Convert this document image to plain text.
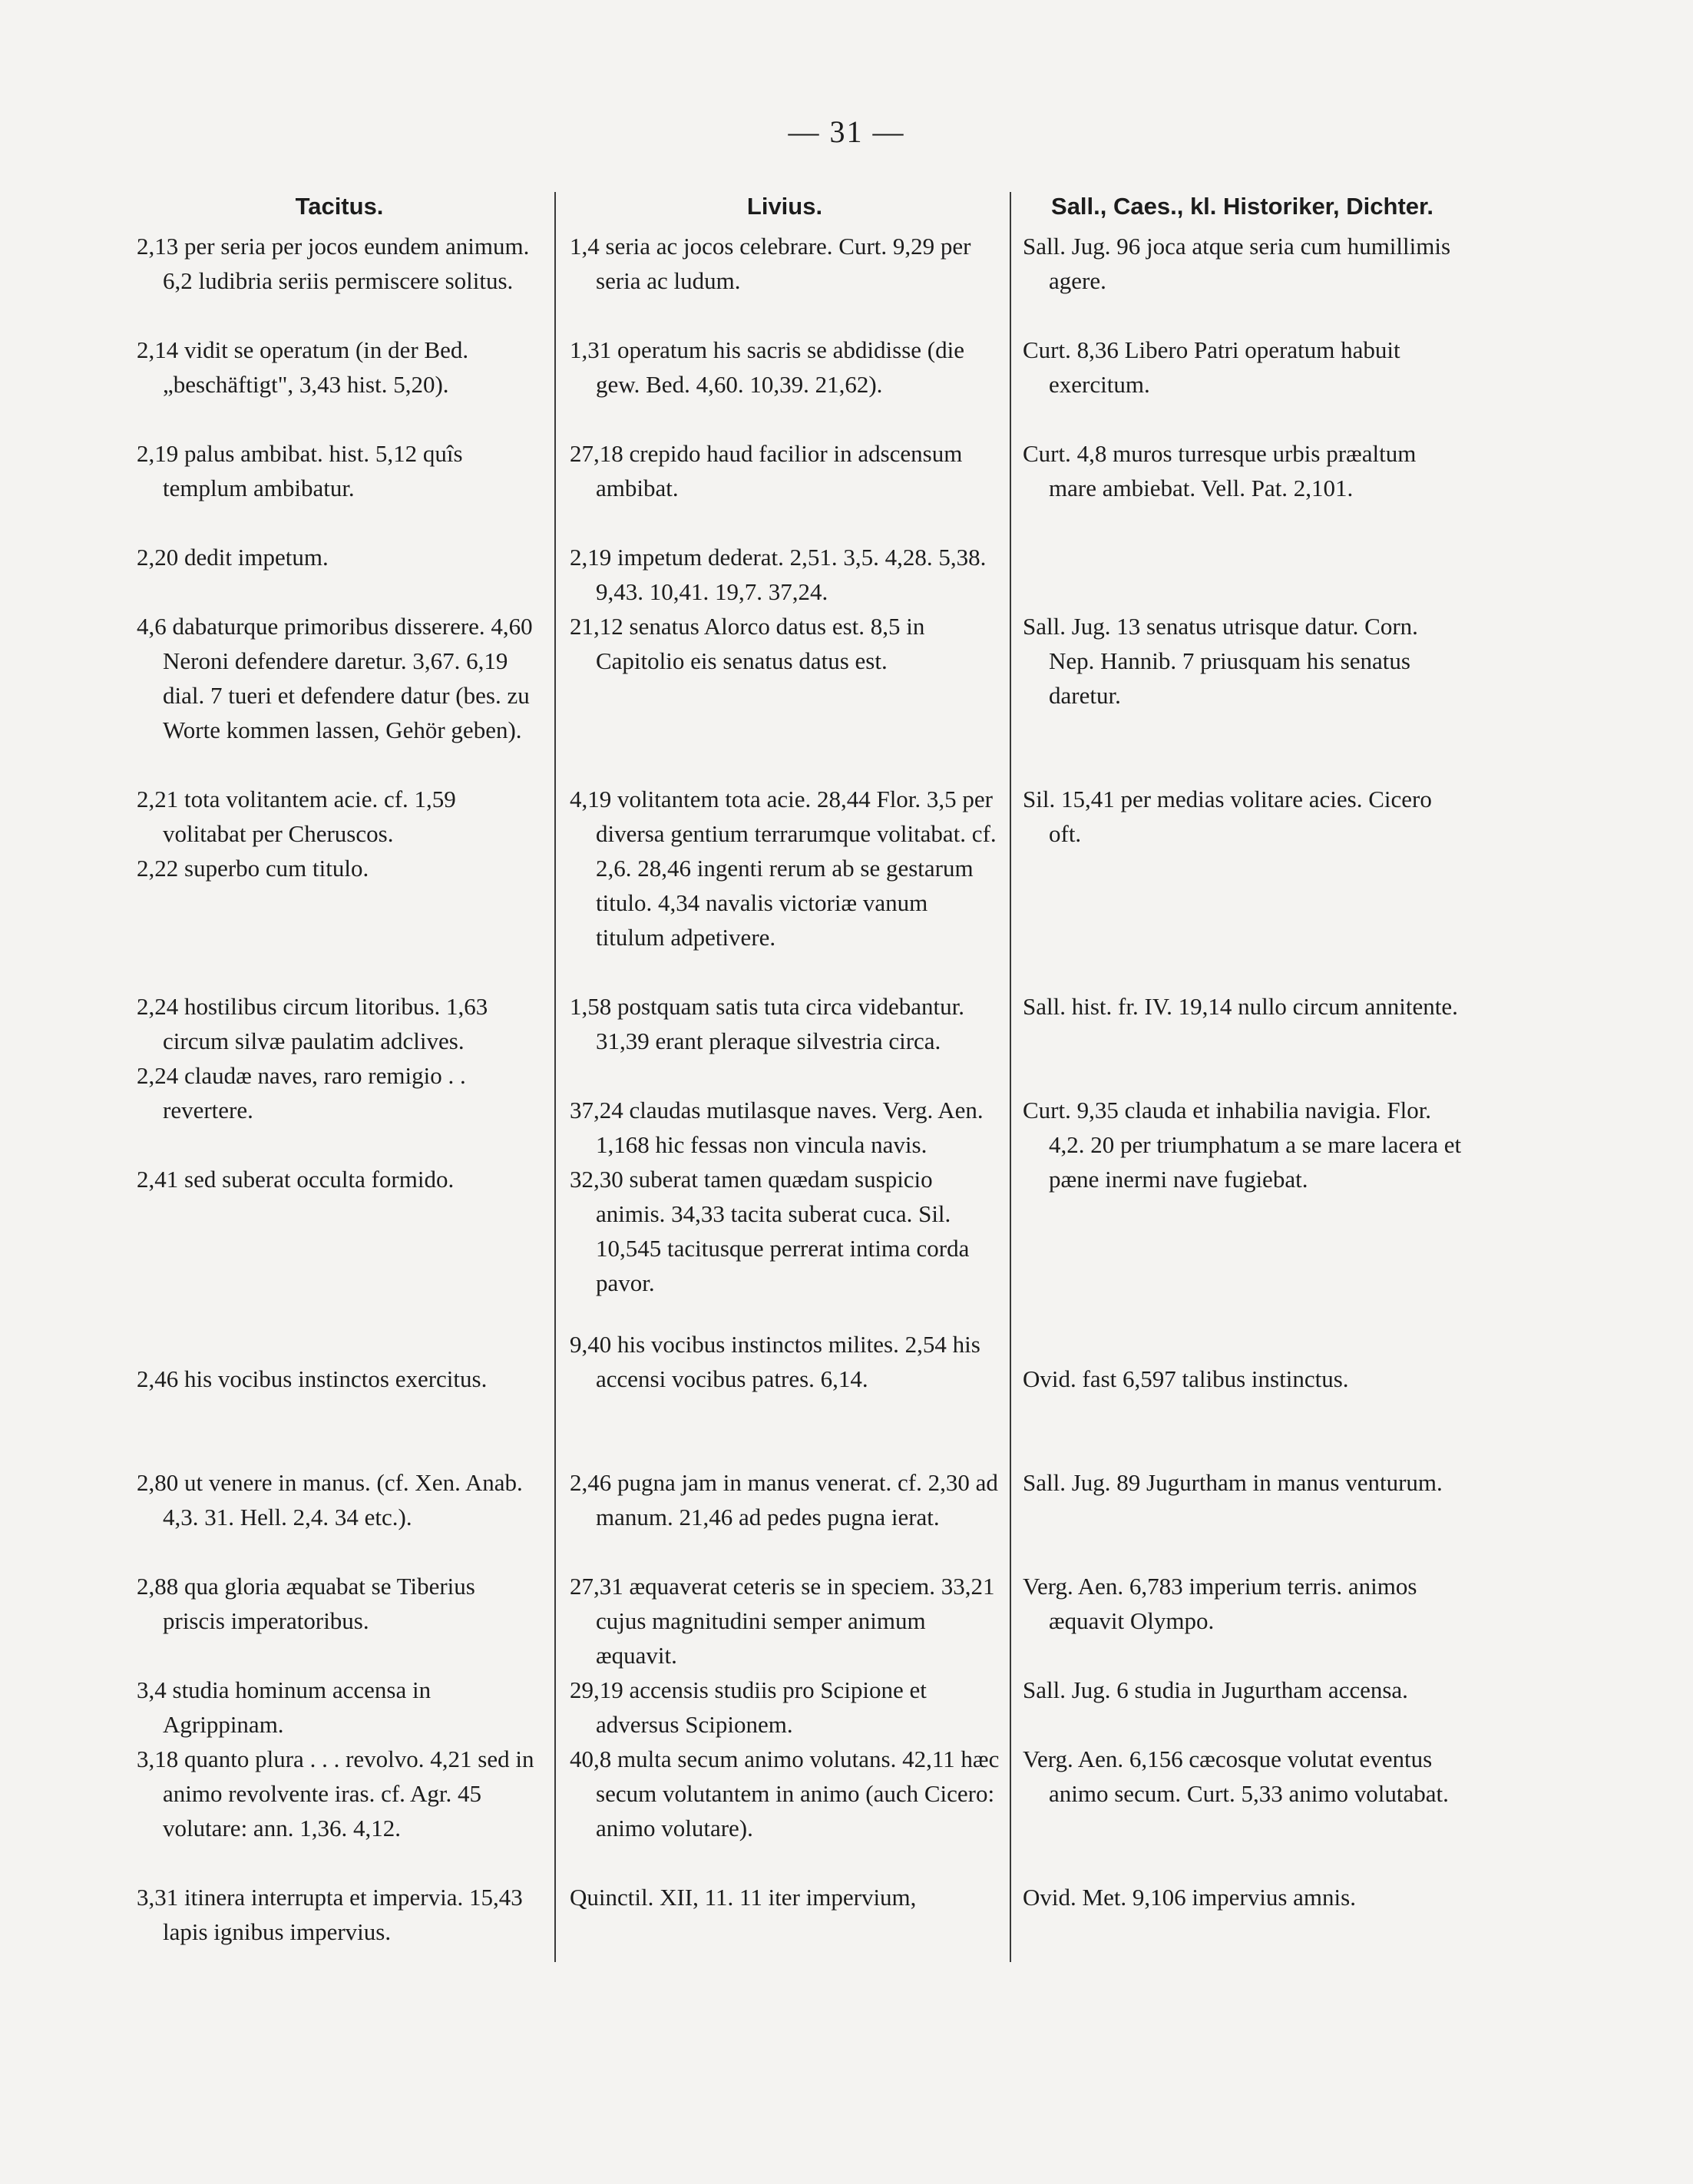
— 31 —
Tacitus.
2,13 per seria per jocos eundem animum. 6,2 ludibria seriis permiscere solitus.
2,14 vidit se operatum (in der Bed. „beschäftigt", 3,43 hist. 5,20).
2,19 palus ambibat. hist. 5,12 quîs templum ambibatur.
2,20 dedit impetum.
4,6 dabaturque primoribus disserere. 4,60 Neroni defendere daretur. 3,67. 6,19 dial. 7 tueri et defendere datur (bes. zu Worte kommen lassen, Gehör geben).
2,21 tota volitantem acie. cf. 1,59 volitabat per Cheruscos.
2,22 superbo cum titulo.
2,24 hostilibus circum litoribus. 1,63 circum silvæ paulatim adclives.
2,24 claudæ naves, raro remigio . . revertere.
2,41 sed suberat occulta formido.
2,46 his vocibus instinctos exercitus.
2,80 ut venere in manus. (cf. Xen. Anab. 4,3. 31. Hell. 2,4. 34 etc.).
2,88 qua gloria æquabat se Tiberius priscis imperatoribus.
3,4 studia hominum accensa in Agrippinam.
3,18 quanto plura . . . revolvo. 4,21 sed in animo revolvente iras. cf. Agr. 45 volutare: ann. 1,36. 4,12.
3,31 itinera interrupta et impervia. 15,43 lapis ignibus impervius.
Livius.
1,4 seria ac jocos celebrare. Curt. 9,29 per seria ac ludum.
1,31 operatum his sacris se abdidisse (die gew. Bed. 4,60. 10,39. 21,62).
27,18 crepido haud facilior in adscensum ambibat.
2,19 impetum dederat. 2,51. 3,5. 4,28. 5,38. 9,43. 10,41. 19,7. 37,24.
21,12 senatus Alorco datus est. 8,5 in Capitolio eis senatus datus est.
4,19 volitantem tota acie. 28,44 Flor. 3,5 per diversa gentium terrarumque volitabat. cf. 2,6. 28,46 ingenti rerum ab se gestarum titulo. 4,34 navalis victoriæ vanum titulum adpetivere.
1,58 postquam satis tuta circa videbantur. 31,39 erant pleraque silvestria circa.
37,24 claudas mutilasque naves. Verg. Aen. 1,168 hic fessas non vincula navis.
32,30 suberat tamen quædam suspicio animis. 34,33 tacita suberat cuca. Sil. 10,545 tacitusque perrerat intima corda pavor.
9,40 his vocibus instinctos milites. 2,54 his accensi vocibus patres. 6,14.
2,46 pugna jam in manus venerat. cf. 2,30 ad manum. 21,46 ad pedes pugna ierat.
27,31 æquaverat ceteris se in speciem. 33,21 cujus magnitudini semper animum æquavit.
29,19 accensis studiis pro Scipione et adversus Scipionem.
40,8 multa secum animo volutans. 42,11 hæc secum volutantem in animo (auch Cicero: animo volutare).
Quinctil. XII, 11. 11 iter impervium,
Sall., Caes., kl. Historiker, Dichter.
Sall. Jug. 96 joca atque seria cum humillimis agere.
Curt. 8,36 Libero Patri operatum habuit exercitum.
Curt. 4,8 muros turresque urbis præaltum mare ambiebat. Vell. Pat. 2,101.
Sall. Jug. 13 senatus utrisque datur. Corn. Nep. Hannib. 7 priusquam his senatus daretur.
Sil. 15,41 per medias volitare acies. Cicero oft.
Sall. hist. fr. IV. 19,14 nullo circum annitente.
Curt. 9,35 clauda et inhabilia navigia. Flor. 4,2. 20 per triumphatum a se mare lacera et pæne inermi nave fugiebat.
Ovid. fast 6,597 talibus instinctus.
Sall. Jug. 89 Jugurtham in manus venturum.
Verg. Aen. 6,783 imperium terris. animos æquavit Olympo.
Sall. Jug. 6 studia in Jugurtham accensa.
Verg. Aen. 6,156 cæcosque volutat eventus animo secum. Curt. 5,33 animo volutabat.
Ovid. Met. 9,106 impervius amnis.
